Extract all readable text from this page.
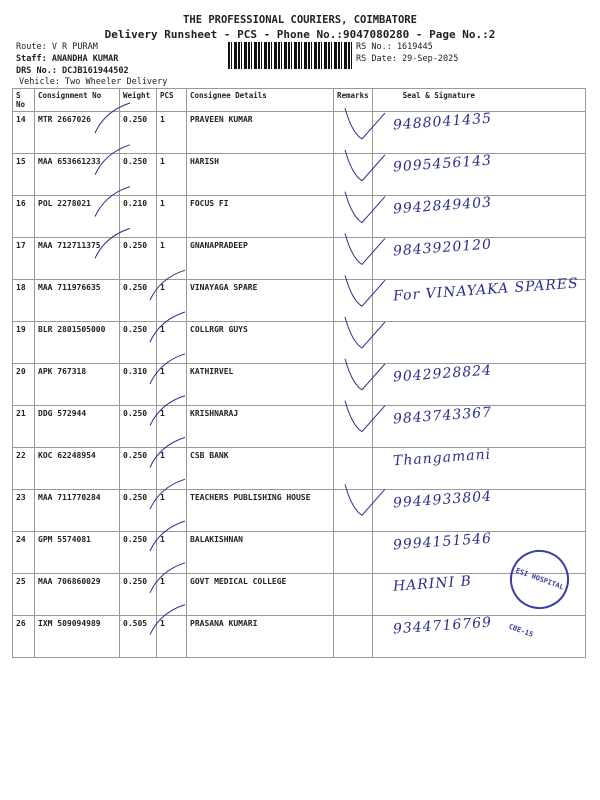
THE PROFESSIONAL COURIERS, COIMBATORE
Delivery Runsheet - PCS - Phone No.:9047080280 - Page No.:2
Route: V R PURAM
Staff: ANANDHA KUMAR
DRS No.: DCJB161944502
Vehicle: Two Wheeler Delivery
RS No.: 1619445
RS Date: 29-Sep-2025
S No	Consignment No	Weight	PCS	Consignee Details	Remarks	Seal & Signature
14	MTR 2667026	0.250	1	PRAVEEN KUMAR		9488041435

15	MAA 653661233	0.250	1	HARISH		9095456143

16	POL 2278021	0.210	1	FOCUS FI		9942849403

17	MAA 712711375	0.250	1	GNANAPRADEEP		9843920120

18	MAA 711976635	0.250	1	VINAYAGA SPARE		For VINAYAKA SPARES

19	BLR 2801505000	0.250	1	COLLRGR GUYS		

20	APK 767318	0.310	1	KATHIRVEL		9042928824

21	DDG 572944	0.250	1	KRISHNARAJ		9843743367

22	KOC 62248954	0.250	1	CSB BANK		Thangamani

23	MAA 711770284	0.250	1	TEACHERS PUBLISHING HOUSE		9944933804

24	GPM 5574081	0.250	1	BALAKISHNAN		9994151546

25	MAA 706860029	0.250	1	GOVT MEDICAL COLLEGE		HARINI B

26	IXM 509094989	0.505	1	PRASANA KUMARI		9344716769
ESI HOSPITAL CBE-15
